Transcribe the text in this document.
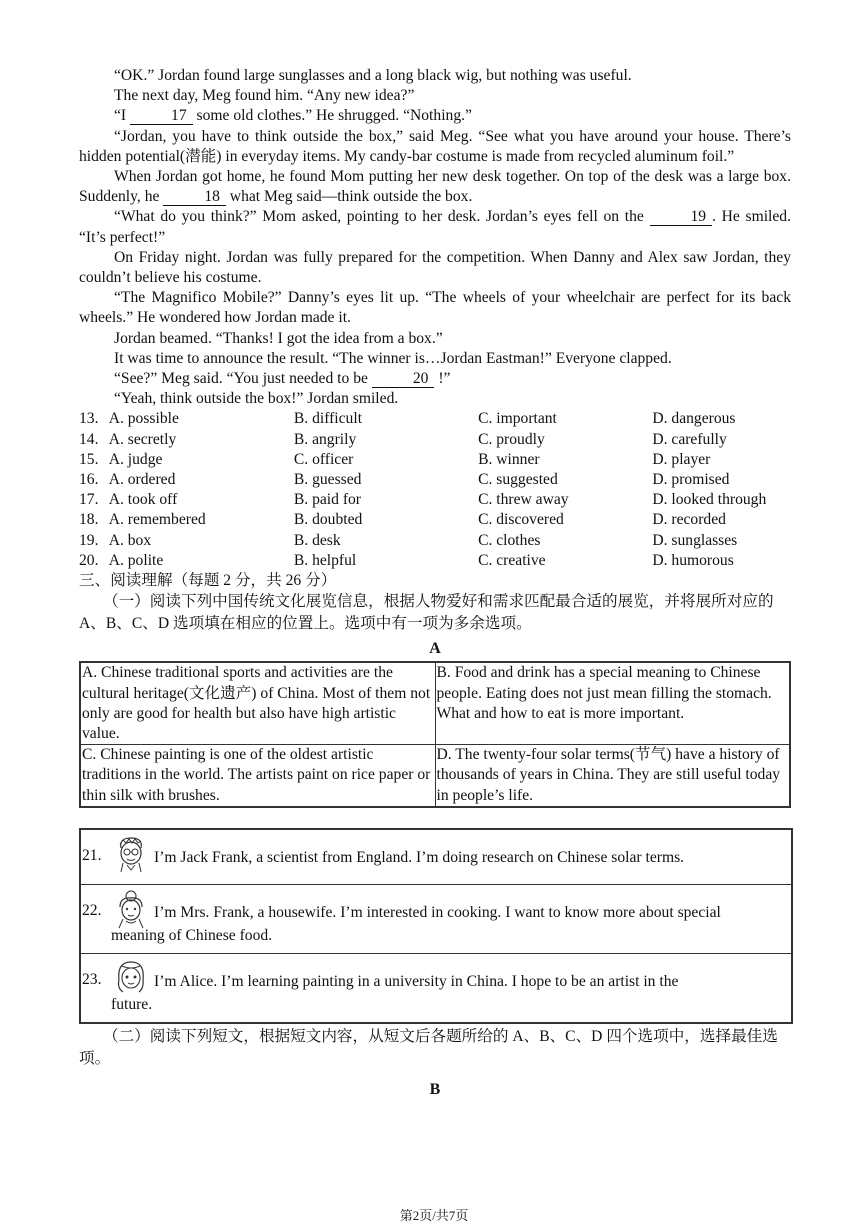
“OK.” Jordan found large sunglasses and a long black wig, but nothing was useful.

The next day, Meg found him. “Any new idea?”

“I	17 some old clothes.” He shrugged. “Nothing.”

“Jordan, you have to think outside the box,” said Meg. “See what you have around your house. There’s hidden potential(潜能) in everyday items. My candy-bar costume is made from recycled aluminum foil.”

When Jordan got home, he found Mom putting her new desk together. On top of the desk was a large box. Suddenly, he	18 what Meg said—think outside the box.

“What do you think?” Mom asked, pointing to her desk. Jordan’s eyes fell on the	19 . He smiled. “It’s perfect!”

On Friday night. Jordan was fully prepared for the competition. When Danny and Alex saw Jordan, they couldn’t believe his costume.

“The Magnifico Mobile?” Danny’s eyes lit up. “The wheels of your wheelchair are perfect for its back wheels.” He wondered how Jordan made it.

Jordan beamed. “Thanks! I got the idea from a box.”

It was time to announce the result. “The winner is…Jordan Eastman!” Everyone clapped.

“See?” Meg said. “You just needed to be	20 !”

“Yeah, think outside the box!” Jordan smiled.

13. A. possible	B. difficult	C. important	D. dangerous
14. A. secretly	B. angrily	C. proudly	D. carefully
15. A. judge	C. officer	B. winner	D. player
16. A. ordered	B. guessed	C. suggested	D. promised
17. A. took off	B. paid for	C. threw away	D. looked through
18. A. remembered	B. doubted	C. discovered	D. recorded
19. A. box	B. desk	C. clothes	D. sunglasses
20. A. polite	B. helpful	C. creative	D. humorous

三、阅读理解（每题 2 分，共 26 分）

（一）阅读下列中国传统文化展览信息，根据人物爱好和需求匹配最合适的展览，并将展所对应的 A、B、C、D 选项填在相应的位置上。选项中有一项为多余选项。

A
A. Chinese traditional sports and activities are the cultural heritage(文化遗产) of China. Most of them not only are good for health but also have high artistic value.	B. Food and drink has a special meaning to Chinese people. Eating does not just mean filling the stomach. What and how to eat is more important.
C. Chinese painting is one of the oldest artistic traditions in the world. The artists paint on rice paper or thin silk with brushes.	D. The twenty-four solar terms(节气) have a history of thousands of years in China. They are still useful today in people’s life.
21.	I’m Jack Frank, a scientist from England. I’m doing research on Chinese solar terms.
22.	I’m Mrs. Frank, a housewife. I’m interested in cooking. I want to know more about special
meaning of Chinese food.
23.	I’m Alice. I’m learning painting in a university in China. I hope to be an artist in the
future.

（二）阅读下列短文，根据短文内容，从短文后各题所给的 A、B、C、D 四个选项中，选择最佳选项。

B
第2页/共7页
